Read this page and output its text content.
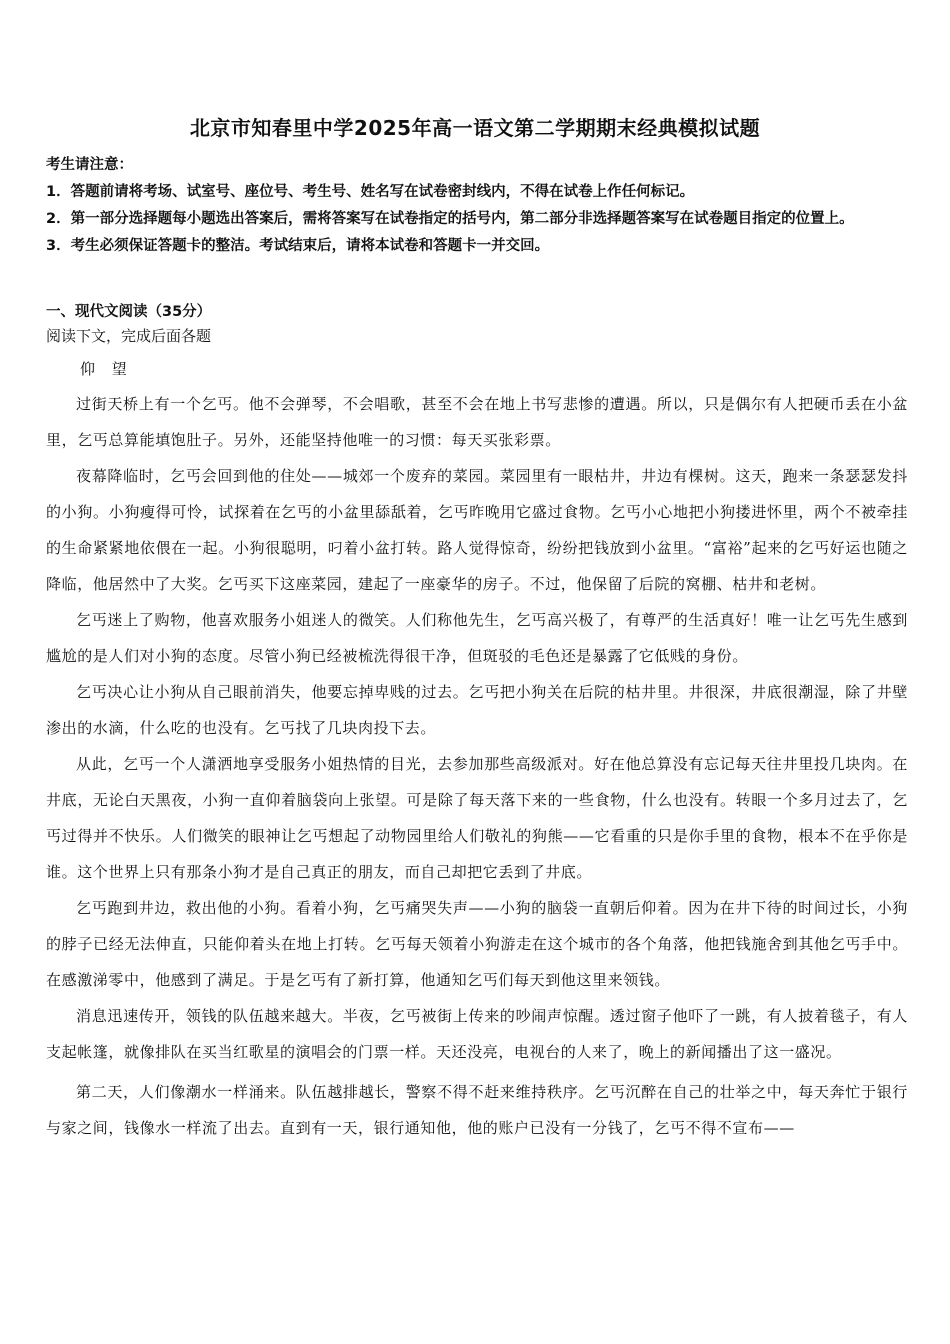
北京市知春里中学2025年高一语文第二学期期末经典模拟试题

考生请注意：

1．答题前请将考场、试室号、座位号、考生号、姓名写在试卷密封线内，不得在试卷上作任何标记。

2．第一部分选择题每小题选出答案后，需将答案写在试卷指定的括号内，第二部分非选择题答案写在试卷题目指定的位置上。

3．考生必须保证答题卡的整洁。考试结束后，请将本试卷和答题卡一并交回。

一、现代文阅读（35分）
阅读下文，完成后面各题
仰 望

过街天桥上有一个乞丐。他不会弹琴，不会唱歌，甚至不会在地上书写悲惨的遭遇。所以，只是偶尔有人把硬币丢在小盆里，乞丐总算能填饱肚子。另外，还能坚持他唯一的习惯：每天买张彩票。

夜幕降临时，乞丐会回到他的住处——城郊一个废弃的菜园。菜园里有一眼枯井，井边有棵树。这天，跑来一条瑟瑟发抖的小狗。小狗瘦得可怜，试探着在乞丐的小盆里舔舐着，乞丐昨晚用它盛过食物。乞丐小心地把小狗搂进怀里，两个不被牵挂的生命紧紧地依偎在一起。小狗很聪明，叼着小盆打转。路人觉得惊奇，纷纷把钱放到小盆里。“富裕”起来的乞丐好运也随之降临，他居然中了大奖。乞丐买下这座菜园，建起了一座豪华的房子。不过，他保留了后院的窝棚、枯井和老树。

乞丐迷上了购物，他喜欢服务小姐迷人的微笑。人们称他先生，乞丐高兴极了，有尊严的生活真好！唯一让乞丐先生感到尴尬的是人们对小狗的态度。尽管小狗已经被梳洗得很干净，但斑驳的毛色还是暴露了它低贱的身份。

乞丐决心让小狗从自己眼前消失，他要忘掉卑贱的过去。乞丐把小狗关在后院的枯井里。井很深，井底很潮湿，除了井壁渗出的水滴，什么吃的也没有。乞丐找了几块肉投下去。

从此，乞丐一个人潇洒地享受服务小姐热情的目光，去参加那些高级派对。好在他总算没有忘记每天往井里投几块肉。在井底，无论白天黑夜，小狗一直仰着脑袋向上张望。可是除了每天落下来的一些食物，什么也没有。转眼一个多月过去了，乞丐过得并不快乐。人们微笑的眼神让乞丐想起了动物园里给人们敬礼的狗熊——它看重的只是你手里的食物，根本不在乎你是谁。这个世界上只有那条小狗才是自己真正的朋友，而自己却把它丢到了井底。

乞丐跑到井边，救出他的小狗。看着小狗，乞丐痛哭失声——小狗的脑袋一直朝后仰着。因为在井下待的时间过长，小狗的脖子已经无法伸直，只能仰着头在地上打转。乞丐每天领着小狗游走在这个城市的各个角落，他把钱施舍到其他乞丐手中。在感激涕零中，他感到了满足。于是乞丐有了新打算，他通知乞丐们每天到他这里来领钱。

消息迅速传开，领钱的队伍越来越大。半夜，乞丐被街上传来的吵闹声惊醒。透过窗子他吓了一跳，有人披着毯子，有人支起帐篷，就像排队在买当红歌星的演唱会的门票一样。天还没亮，电视台的人来了，晚上的新闻播出了这一盛况。

第二天，人们像潮水一样涌来。队伍越排越长，警察不得不赶来维持秩序。乞丐沉醉在自己的壮举之中，每天奔忙于银行与家之间，钱像水一样流了出去。直到有一天，银行通知他，他的账户已没有一分钱了，乞丐不得不宣布——
